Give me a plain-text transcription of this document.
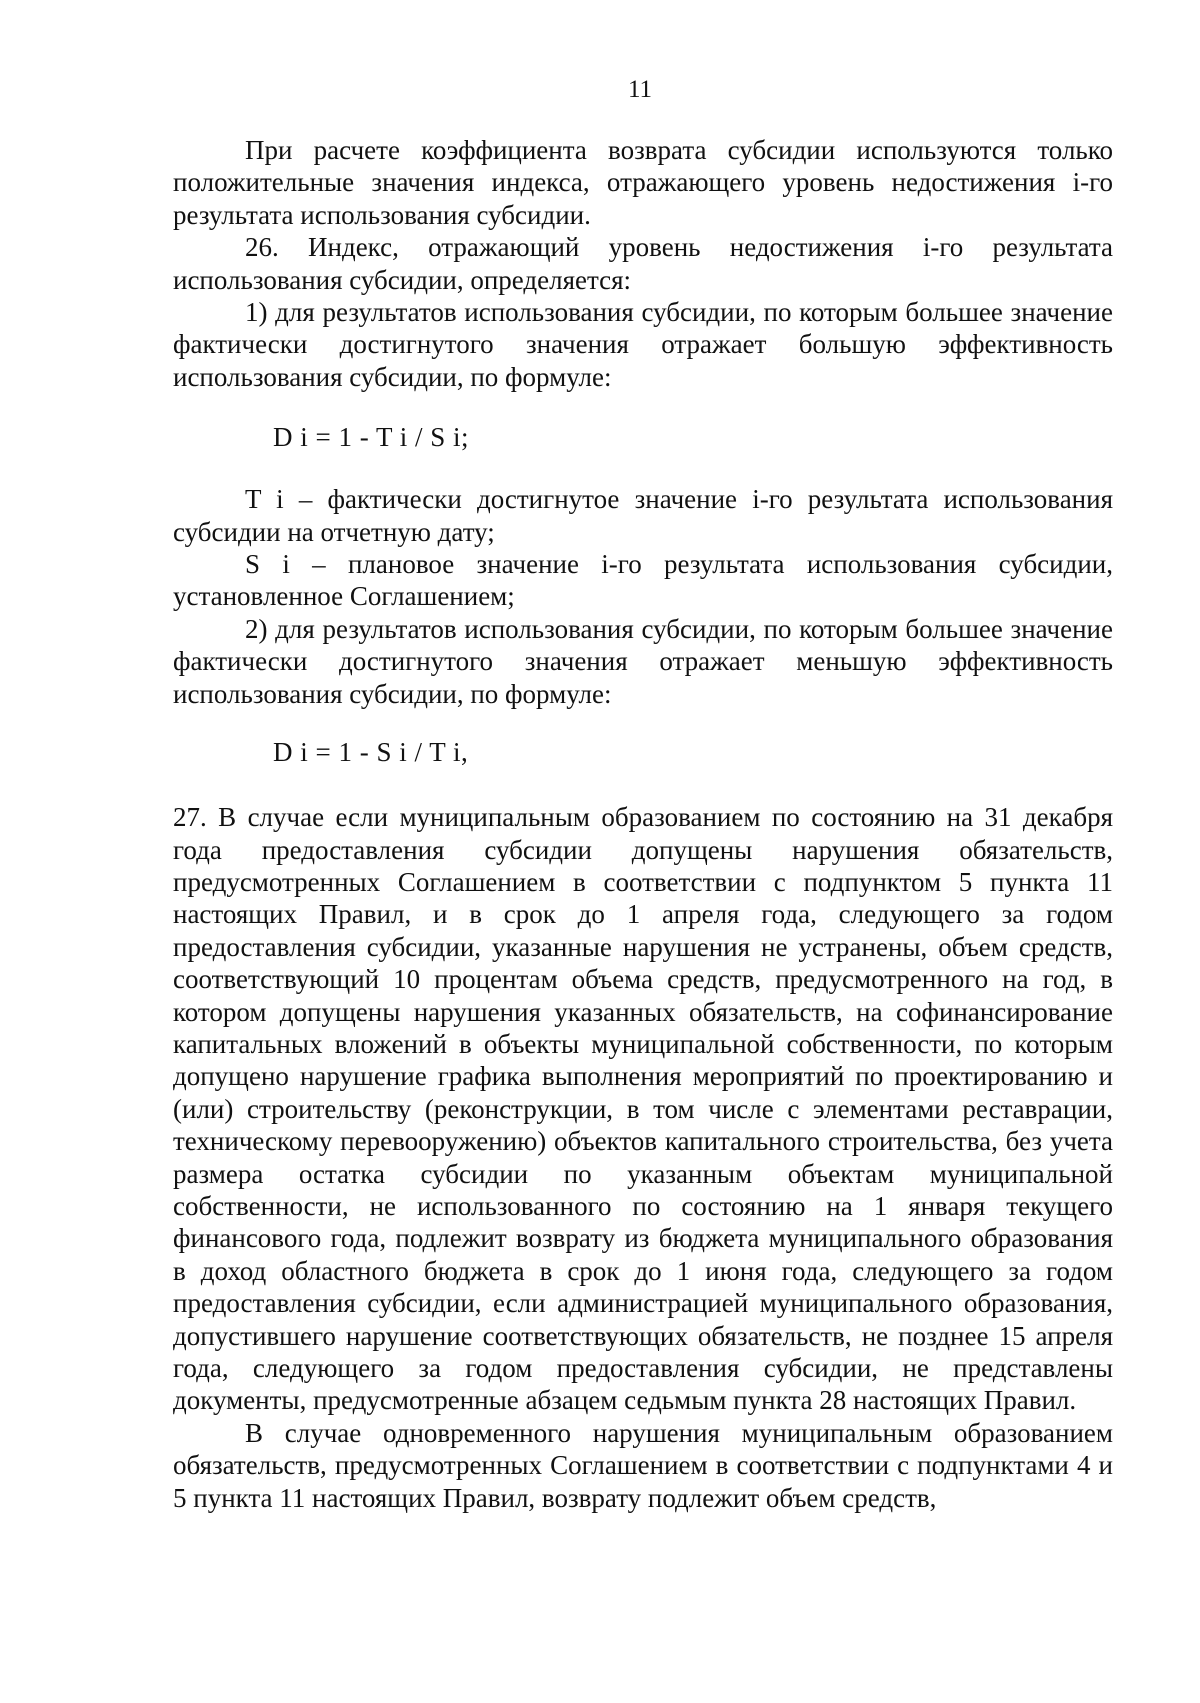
11

При расчете коэффициента возврата субсидии используются только положительные значения индекса, отражающего уровень недостижения i-го результата использования субсидии.

26. Индекс, отражающий уровень недостижения i-го результата использования субсидии, определяется:

1) для результатов использования субсидии, по которым большее значение фактически достигнутого значения отражает большую эффективность использования субсидии, по формуле:

D i = 1 - T i / S i;

T i – фактически достигнутое значение i-го результата использования субсидии на отчетную дату;

S i – плановое значение i-го результата использования субсидии, установленное Соглашением;

2) для результатов использования субсидии, по которым большее значение фактически достигнутого значения отражает меньшую эффективность использования субсидии, по формуле:

D i = 1 - S i / T i,

27. В случае если муниципальным образованием по состоянию на 31 декабря года предоставления субсидии допущены нарушения обязательств, предусмотренных Соглашением в соответствии с подпунктом 5 пункта 11 настоящих Правил, и в срок до 1 апреля года, следующего за годом предоставления субсидии, указанные нарушения не устранены, объем средств, соответствующий 10 процентам объема средств, предусмотренного на год, в котором допущены нарушения указанных обязательств, на софинансирование капитальных вложений в объекты муниципальной собственности, по которым допущено нарушение графика выполнения мероприятий по проектированию и (или) строительству (реконструкции, в том числе с элементами реставрации, техническому перевооружению) объектов капитального строительства, без учета размера остатка субсидии по указанным объектам муниципальной собственности, не использованного по состоянию на 1 января текущего финансового года, подлежит возврату из бюджета муниципального образования в доход областного бюджета в срок до 1 июня года, следующего за годом предоставления субсидии, если администрацией муниципального образования, допустившего нарушение соответствующих обязательств, не позднее 15 апреля года, следующего за годом предоставления субсидии, не представлены документы, предусмотренные абзацем седьмым пункта 28 настоящих Правил.

В случае одновременного нарушения муниципальным образованием обязательств, предусмотренных Соглашением в соответствии с подпунктами 4 и 5 пункта 11 настоящих Правил, возврату подлежит объем средств,
